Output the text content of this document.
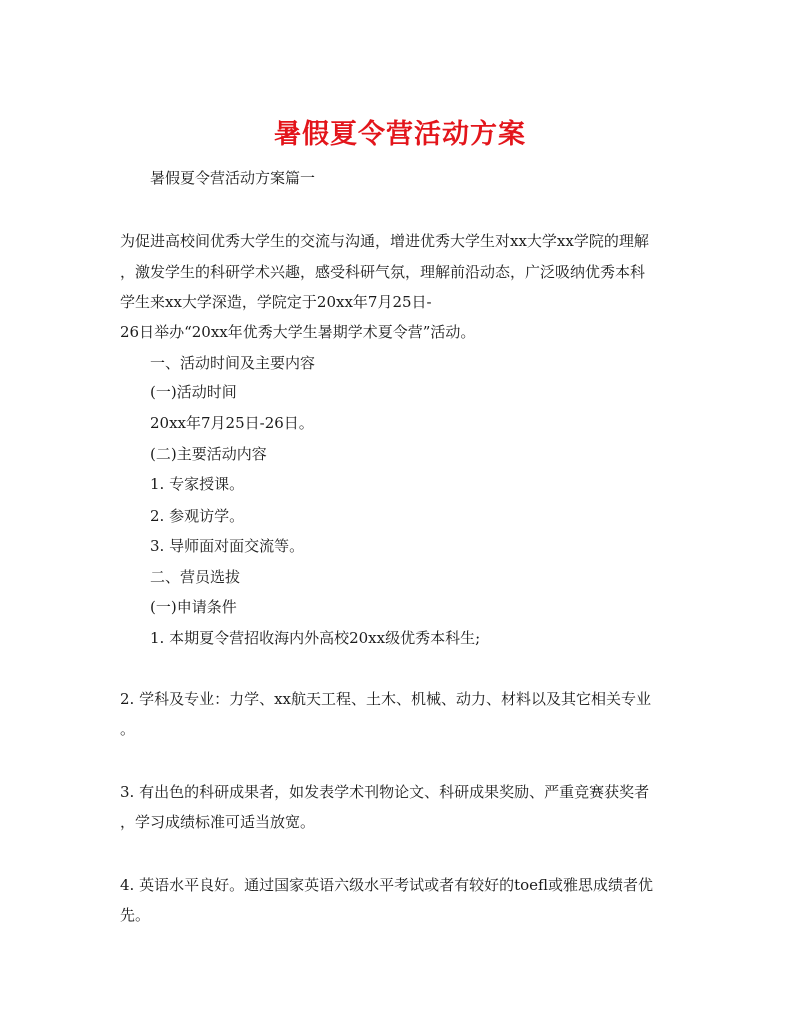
暑假夏令营活动方案
暑假夏令营活动方案篇一
为促进高校间优秀大学生的交流与沟通，增进优秀大学生对xx大学xx学院的理解
，激发学生的科研学术兴趣，感受科研气氛，理解前沿动态，广泛吸纳优秀本科
学生来xx大学深造，学院定于20xx年7月25日-
26日举办“20xx年优秀大学生暑期学术夏令营”活动。
一、活动时间及主要内容
(一)活动时间
20xx年7月25日-26日。
(二)主要活动内容
1. 专家授课。
2. 参观访学。
3. 导师面对面交流等。
二、营员选拔
(一)申请条件
1. 本期夏令营招收海内外高校20xx级优秀本科生;
2. 学科及专业：力学、xx航天工程、土木、机械、动力、材料以及其它相关专业
。
3. 有出色的科研成果者，如发表学术刊物论文、科研成果奖励、严重竞赛获奖者
，学习成绩标准可适当放宽。
4. 英语水平良好。通过国家英语六级水平考试或者有较好的toefl或雅思成绩者优
先。
